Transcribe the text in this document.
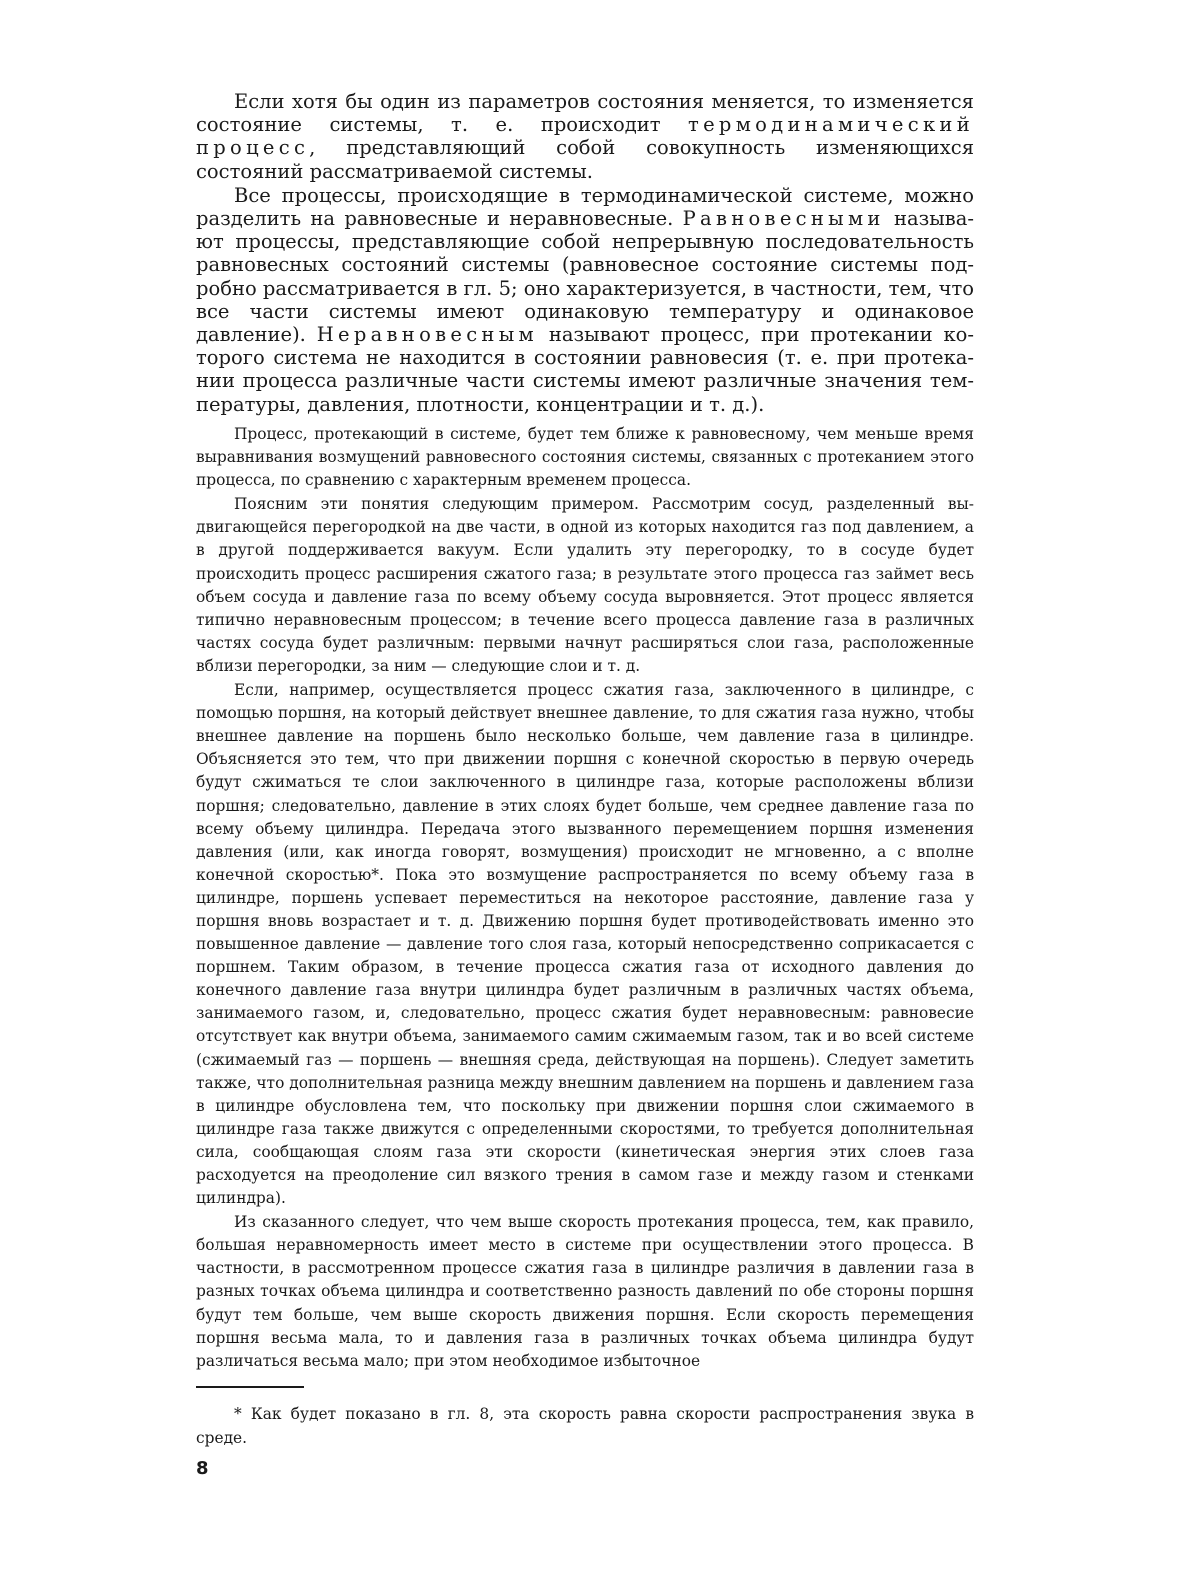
Если хотя бы один из параметров состояния меняется, то изменяется состояние системы, т. е. происходит термодинамический процесс, представляющий собой совокупность изменяющихся состояний рассматриваемой системы.

Все процессы, происходящие в термодинамической системе, можно разделить на равновесные и неравновесные. Равновесными называют процессы, представляющие собой непрерывную последовательность равновесных состояний системы (равновесное состояние системы подробно рассматривается в гл. 5; оно характеризуется, в частности, тем, что все части системы имеют одинаковую температуру и одинаковое давление). Неравновесным называют процесс, при протекании которого система не находится в состоянии равновесия (т. е. при протекании процесса различные части системы имеют различные значения температуры, давления, плотности, концентрации и т. д.).

Процесс, протекающий в системе, будет тем ближе к равновесному, чем меньше время выравнивания возмущений равновесного состояния системы, связанных с протеканием этого процесса, по сравнению с характерным временем процесса.

Поясним эти понятия следующим примером. Рассмотрим сосуд, разделенный выдвигающейся перегородкой на две части, в одной из которых находится газ под давлением, а в другой поддерживается вакуум. Если удалить эту перегородку, то в сосуде будет происходить процесс расширения сжатого газа; в результате этого процесса газ займет весь объем сосуда и давление газа по всему объему сосуда выровняется. Этот процесс является типично неравновесным процессом; в течение всего процесса давление газа в различных частях сосуда будет различным: первыми начнут расширяться слои газа, расположенные вблизи перегородки, за ним — следующие слои и т. д.

Если, например, осуществляется процесс сжатия газа, заключенного в цилиндре, с помощью поршня, на который действует внешнее давление, то для сжатия газа нужно, чтобы внешнее давление на поршень было несколько больше, чем давление газа в цилиндре. Объясняется это тем, что при движении поршня с конечной скоростью в первую очередь будут сжиматься те слои заключенного в цилиндре газа, которые расположены вблизи поршня; следовательно, давление в этих слоях будет больше, чем среднее давление газа по всему объему цилиндра. Передача этого вызванного перемещением поршня изменения давления (или, как иногда говорят, возмущения) происходит не мгновенно, а с вполне конечной скоростью*. Пока это возмущение распространяется по всему объему газа в цилиндре, поршень успевает переместиться на некоторое расстояние, давление газа у поршня вновь возрастает и т. д. Движению поршня будет противодействовать именно это повышенное давление — давление того слоя газа, который непосредственно соприкасается с поршнем. Таким образом, в течение процесса сжатия газа от исходного давления до конечного давление газа внутри цилиндра будет различным в различных частях объема, занимаемого газом, и, следовательно, процесс сжатия будет неравновесным: равновесие отсутствует как внутри объема, занимаемого самим сжимаемым газом, так и во всей системе (сжимаемый газ — поршень — внешняя среда, действующая на поршень). Следует заметить также, что дополнительная разница между внешним давлением на поршень и давлением газа в цилиндре обусловлена тем, что поскольку при движении поршня слои сжимаемого в цилиндре газа также движутся с определенными скоростями, то требуется дополнительная сила, сообщающая слоям газа эти скорости (кинетическая энергия этих слоев газа расходуется на преодоление сил вязкого трения в самом газе и между газом и стенками цилиндра).

Из сказанного следует, что чем выше скорость протекания процесса, тем, как правило, большая неравномерность имеет место в системе при осуществлении этого процесса. В частности, в рассмотренном процессе сжатия газа в цилиндре различия в давлении газа в разных точках объема цилиндра и соответственно разность давлений по обе стороны поршня будут тем больше, чем выше скорость движения поршня. Если скорость перемещения поршня весьма мала, то и давления газа в различных точках объема цилиндра будут различаться весьма мало; при этом необходимое избыточное

* Как будет показано в гл. 8, эта скорость равна скорости распространения звука в среде.

8
